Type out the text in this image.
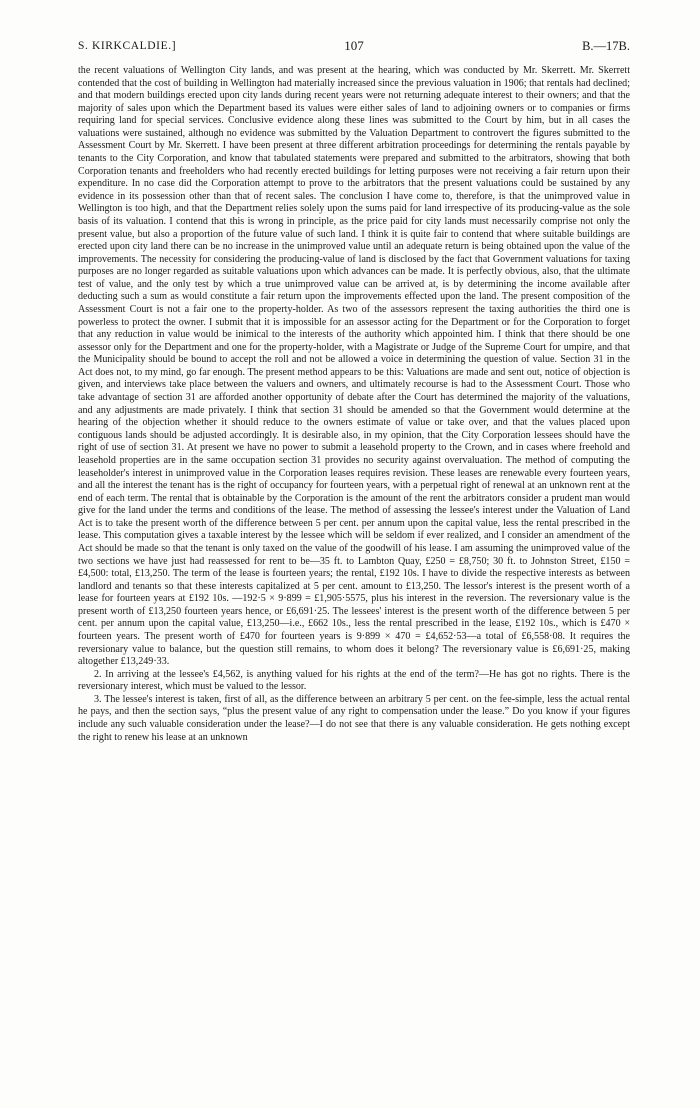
S. KIRKCALDIE.]	107	B.—17B.

the recent valuations of Wellington City lands, and was present at the hearing, which was conducted by Mr. Skerrett. Mr. Skerrett contended that the cost of building in Wellington had materially increased since the previous valuation in 1906; that rentals had declined; and that modern buildings erected upon city lands during recent years were not returning adequate interest to their owners; and that the majority of sales upon which the Department based its values were either sales of land to adjoining owners or to companies or firms requiring land for special services. Conclusive evidence along these lines was submitted to the Court by him, but in all cases the valuations were sustained, although no evidence was submitted by the Valuation Department to controvert the figures submitted to the Assessment Court by Mr. Skerrett. I have been present at three different arbitration proceedings for determining the rentals payable by tenants to the City Corporation, and know that tabulated statements were prepared and submitted to the arbitrators, showing that both Corporation tenants and freeholders who had recently erected buildings for letting purposes were not receiving a fair return upon their expenditure. In no case did the Corporation attempt to prove to the arbitrators that the present valuations could be sustained by any evidence in its possession other than that of recent sales. The conclusion I have come to, therefore, is that the unimproved value in Wellington is too high, and that the Department relies solely upon the sums paid for land irrespective of its producing-value as the sole basis of its valuation. I contend that this is wrong in principle, as the price paid for city lands must necessarily comprise not only the present value, but also a proportion of the future value of such land. I think it is quite fair to contend that where suitable buildings are erected upon city land there can be no increase in the unimproved value until an adequate return is being obtained upon the value of the improvements. The necessity for considering the producing-value of land is disclosed by the fact that Government valuations for taxing purposes are no longer regarded as suitable valuations upon which advances can be made. It is perfectly obvious, also, that the ultimate test of value, and the only test by which a true unimproved value can be arrived at, is by determining the income available after deducting such a sum as would constitute a fair return upon the improvements effected upon the land. The present composition of the Assessment Court is not a fair one to the property-holder. As two of the assessors represent the taxing authorities the third one is powerless to protect the owner. I submit that it is impossible for an assessor acting for the Department or for the Corporation to forget that any reduction in value would be inimical to the interests of the authority which appointed him. I think that there should be one assessor only for the Department and one for the property-holder, with a Magistrate or Judge of the Supreme Court for umpire, and that the Municipality should be bound to accept the roll and not be allowed a voice in determining the question of value. Section 31 in the Act does not, to my mind, go far enough. The present method appears to be this: Valuations are made and sent out, notice of objection is given, and interviews take place between the valuers and owners, and ultimately recourse is had to the Assessment Court. Those who take advantage of section 31 are afforded another opportunity of debate after the Court has determined the majority of the valuations, and any adjustments are made privately. I think that section 31 should be amended so that the Government would determine at the hearing of the objection whether it should reduce to the owners estimate of value or take over, and that the values placed upon contiguous lands should be adjusted accordingly. It is desirable also, in my opinion, that the City Corporation lessees should have the right of use of section 31. At present we have no power to submit a leasehold property to the Crown, and in cases where freehold and leasehold properties are in the same occupation section 31 provides no security against overvaluation. The method of computing the leaseholder's interest in unimproved value in the Corporation leases requires revision. These leases are renewable every fourteen years, and all the interest the tenant has is the right of occupancy for fourteen years, with a perpetual right of renewal at an unknown rent at the end of each term. The rental that is obtainable by the Corporation is the amount of the rent the arbitrators consider a prudent man would give for the land under the terms and conditions of the lease. The method of assessing the lessee's interest under the Valuation of Land Act is to take the present worth of the difference between 5 per cent. per annum upon the capital value, less the rental prescribed in the lease. This computation gives a taxable interest by the lessee which will be seldom if ever realized, and I consider an amendment of the Act should be made so that the tenant is only taxed on the value of the goodwill of his lease. I am assuming the unimproved value of the two sections we have just had reassessed for rent to be—35 ft. to Lambton Quay, £250 = £8,750; 30 ft. to Johnston Street, £150 = £4,500: total, £13,250. The term of the lease is fourteen years; the rental, £192 10s. I have to divide the respective interests as between landlord and tenants so that these interests capitalized at 5 per cent. amount to £13,250. The lessor's interest is the present worth of a lease for fourteen years at £192 10s. —192·5 × 9·899 = £1,905·5575, plus his interest in the reversion. The reversionary value is the present worth of £13,250 fourteen years hence, or £6,691·25. The lessees' interest is the present worth of the difference between 5 per cent. per annum upon the capital value, £13,250—i.e., £662 10s., less the rental prescribed in the lease, £192 10s., which is £470 × fourteen years. The present worth of £470 for fourteen years is 9·899 × 470 = £4,652·53—a total of £6,558·08. It requires the reversionary value to balance, but the question still remains, to whom does it belong? The reversionary value is £6,691·25, making altogether £13,249·33.

2. In arriving at the lessee's £4,562, is anything valued for his rights at the end of the term?—He has got no rights. There is the reversionary interest, which must be valued to the lessor.

3. The lessee's interest is taken, first of all, as the difference between an arbitrary 5 per cent. on the fee-simple, less the actual rental he pays, and then the section says, “plus the present value of any right to compensation under the lease.” Do you know if your figures include any such valuable consideration under the lease?—I do not see that there is any valuable consideration. He gets nothing except the right to renew his lease at an unknown
